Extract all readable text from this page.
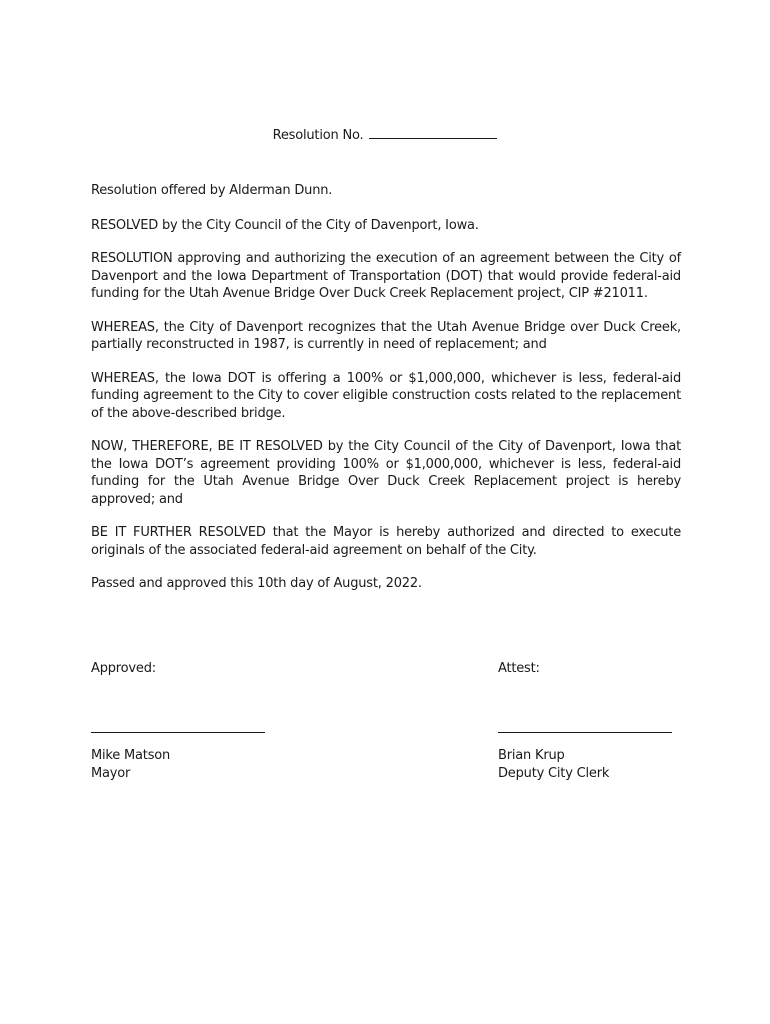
Resolution No.

Resolution offered by Alderman Dunn.

RESOLVED by the City Council of the City of Davenport, Iowa.

RESOLUTION approving and authorizing the execution of an agreement between the City of Davenport and the Iowa Department of Transportation (DOT) that would provide federal-aid funding for the Utah Avenue Bridge Over Duck Creek Replacement project, CIP #21011.

WHEREAS, the City of Davenport recognizes that the Utah Avenue Bridge over Duck Creek, partially reconstructed in 1987, is currently in need of replacement; and

WHEREAS, the Iowa DOT is offering a 100% or $1,000,000, whichever is less, federal-aid funding agreement to the City to cover eligible construction costs related to the replacement of the above-described bridge.

NOW, THEREFORE, BE IT RESOLVED by the City Council of the City of Davenport, Iowa that the Iowa DOT’s agreement providing 100% or $1,000,000, whichever is less, federal-aid funding for the Utah Avenue Bridge Over Duck Creek Replacement project is hereby approved; and

BE IT FURTHER RESOLVED that the Mayor is hereby authorized and directed to execute originals of the associated federal-aid agreement on behalf of the City.

Passed and approved this 10th day of August, 2022.

Approved:
Mike Matson
Mayor
Attest:
Brian Krup
Deputy City Clerk
